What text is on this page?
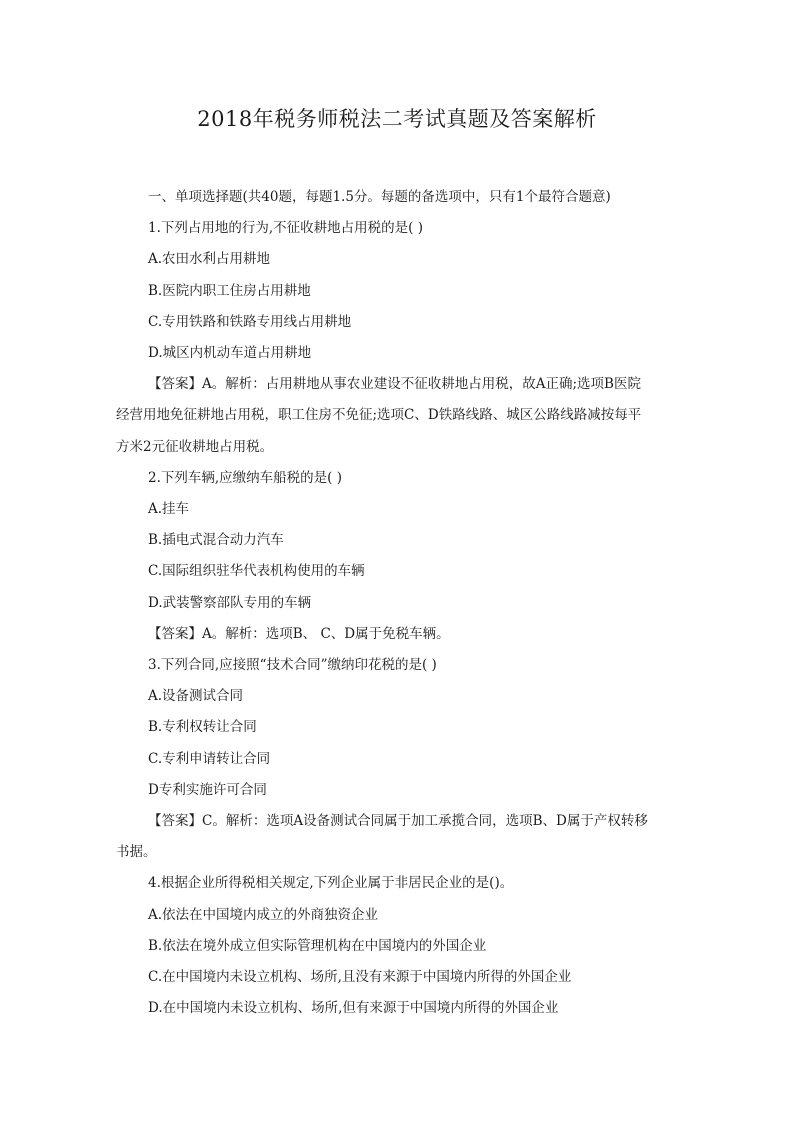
2018年税务师税法二考试真题及答案解析
一、单项选择题(共40题，每题1.5分。每题的备选项中，只有1个最符合题意)
1.下列占用地的行为,不征收耕地占用税的是( )
A.农田水利占用耕地
B.医院内职工住房占用耕地
C.专用铁路和铁路专用线占用耕地
D.城区内机动车道占用耕地
【答案】A。解析：占用耕地从事农业建设不征收耕地占用税，故A正确;选项B医院
经营用地免征耕地占用税，职工住房不免征;选项C、D铁路线路、城区公路线路减按每平
方米2元征收耕地占用税。
2.下列车辆,应缴纳车船税的是( )
A.挂车
B.插电式混合动力汽车
C.国际组织驻华代表机构使用的车辆
D.武装警察部队专用的车辆
【答案】A。解析：选项B、 C、D属于免税车辆。
3.下列合同,应接照“技术合同”缴纳印花税的是( )
A.设备测试合同
B.专利权转让合同
C.专利申请转让合同
D专利实施许可合同
【答案】C。解析：选项A设备测试合同属于加工承揽合同，选项B、D属于产权转移
书据。
4.根据企业所得税相关规定,下列企业属于非居民企业的是()。
A.依法在中国境内成立的外商独资企业
B.依法在境外成立但实际管理机构在中国境内的外国企业
C.在中国境内未设立机构、场所,且没有来源于中国境内所得的外国企业
D.在中国境内未设立机构、场所,但有来源于中国境内所得的外国企业
